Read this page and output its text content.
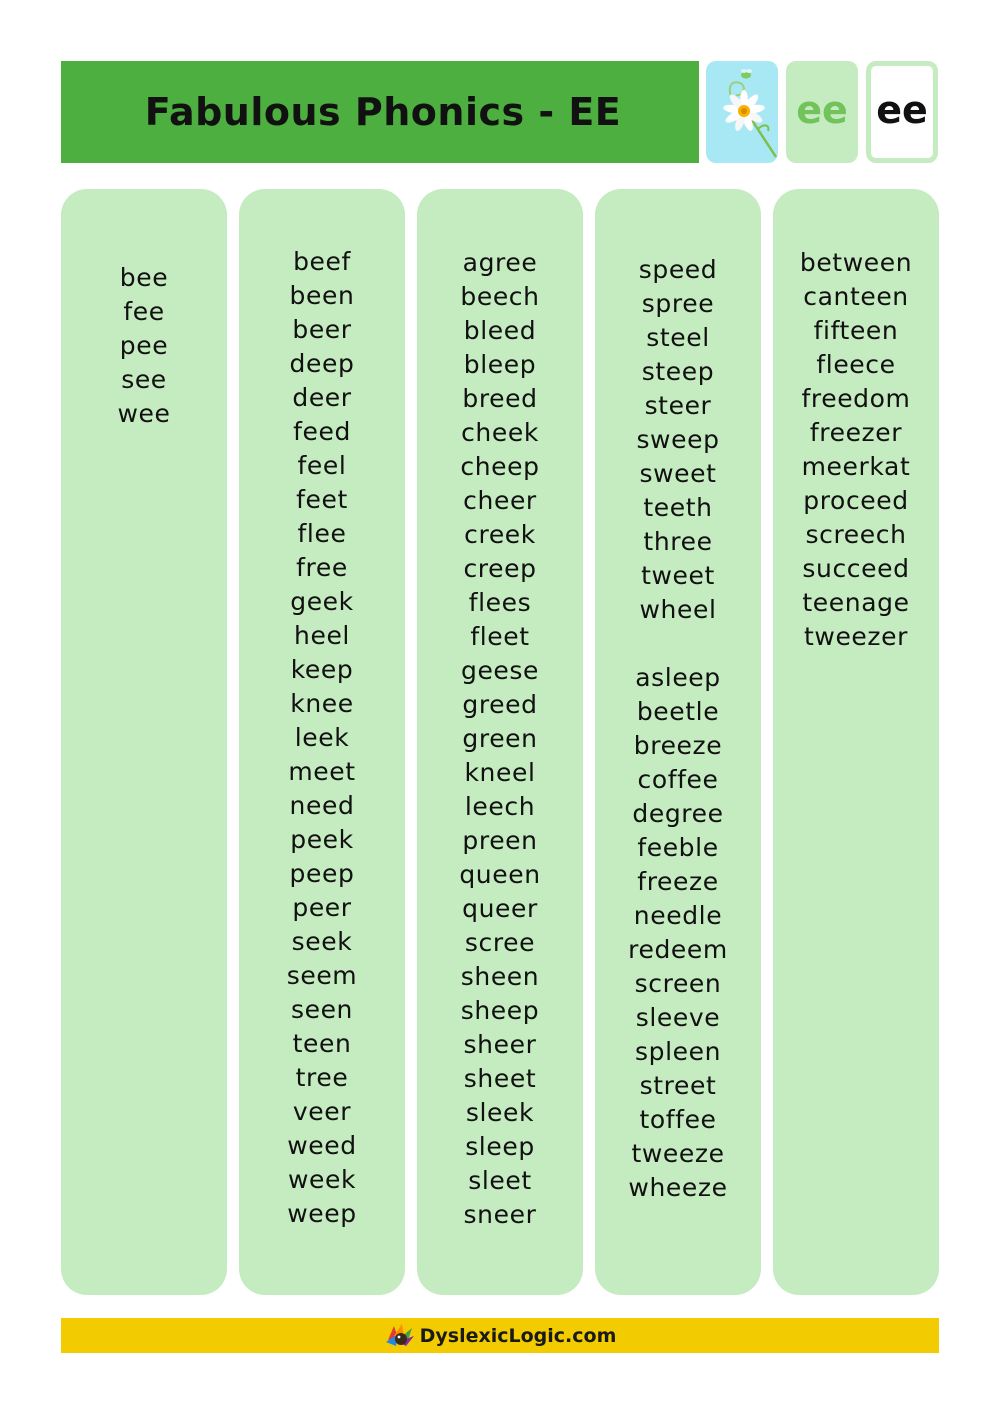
Fabulous Phonics - EE	ee ee
bee
fee
pee
see
wee
beef
been
beer
deep
deer
feed
feel
feet
flee
free
geek
heel
keep
knee
leek
meet
need
peek
peep
peer
seek
seem
seen
teen
tree
veer
weed
week
weep
agree
beech
bleed
bleep
breed
cheek
cheep
cheer
creek
creep
flees
fleet
geese
greed
green
kneel
leech
preen
queen
queer
scree
sheen
sheep
sheer
sheet
sleek
sleep
sleet
sneer
speed
spree
steel
steep
steer
sweep
sweet
teeth
three
tweet
wheel
asleep
beetle
breeze
coffee
degree
feeble
freeze
needle
redeem
screen
sleeve
spleen
street
toffee
tweeze
wheeze
between
canteen
fifteen
fleece
freedom
freezer
meerkat
proceed
screech
succeed
teenage
tweezer
DyslexicLogic.com
